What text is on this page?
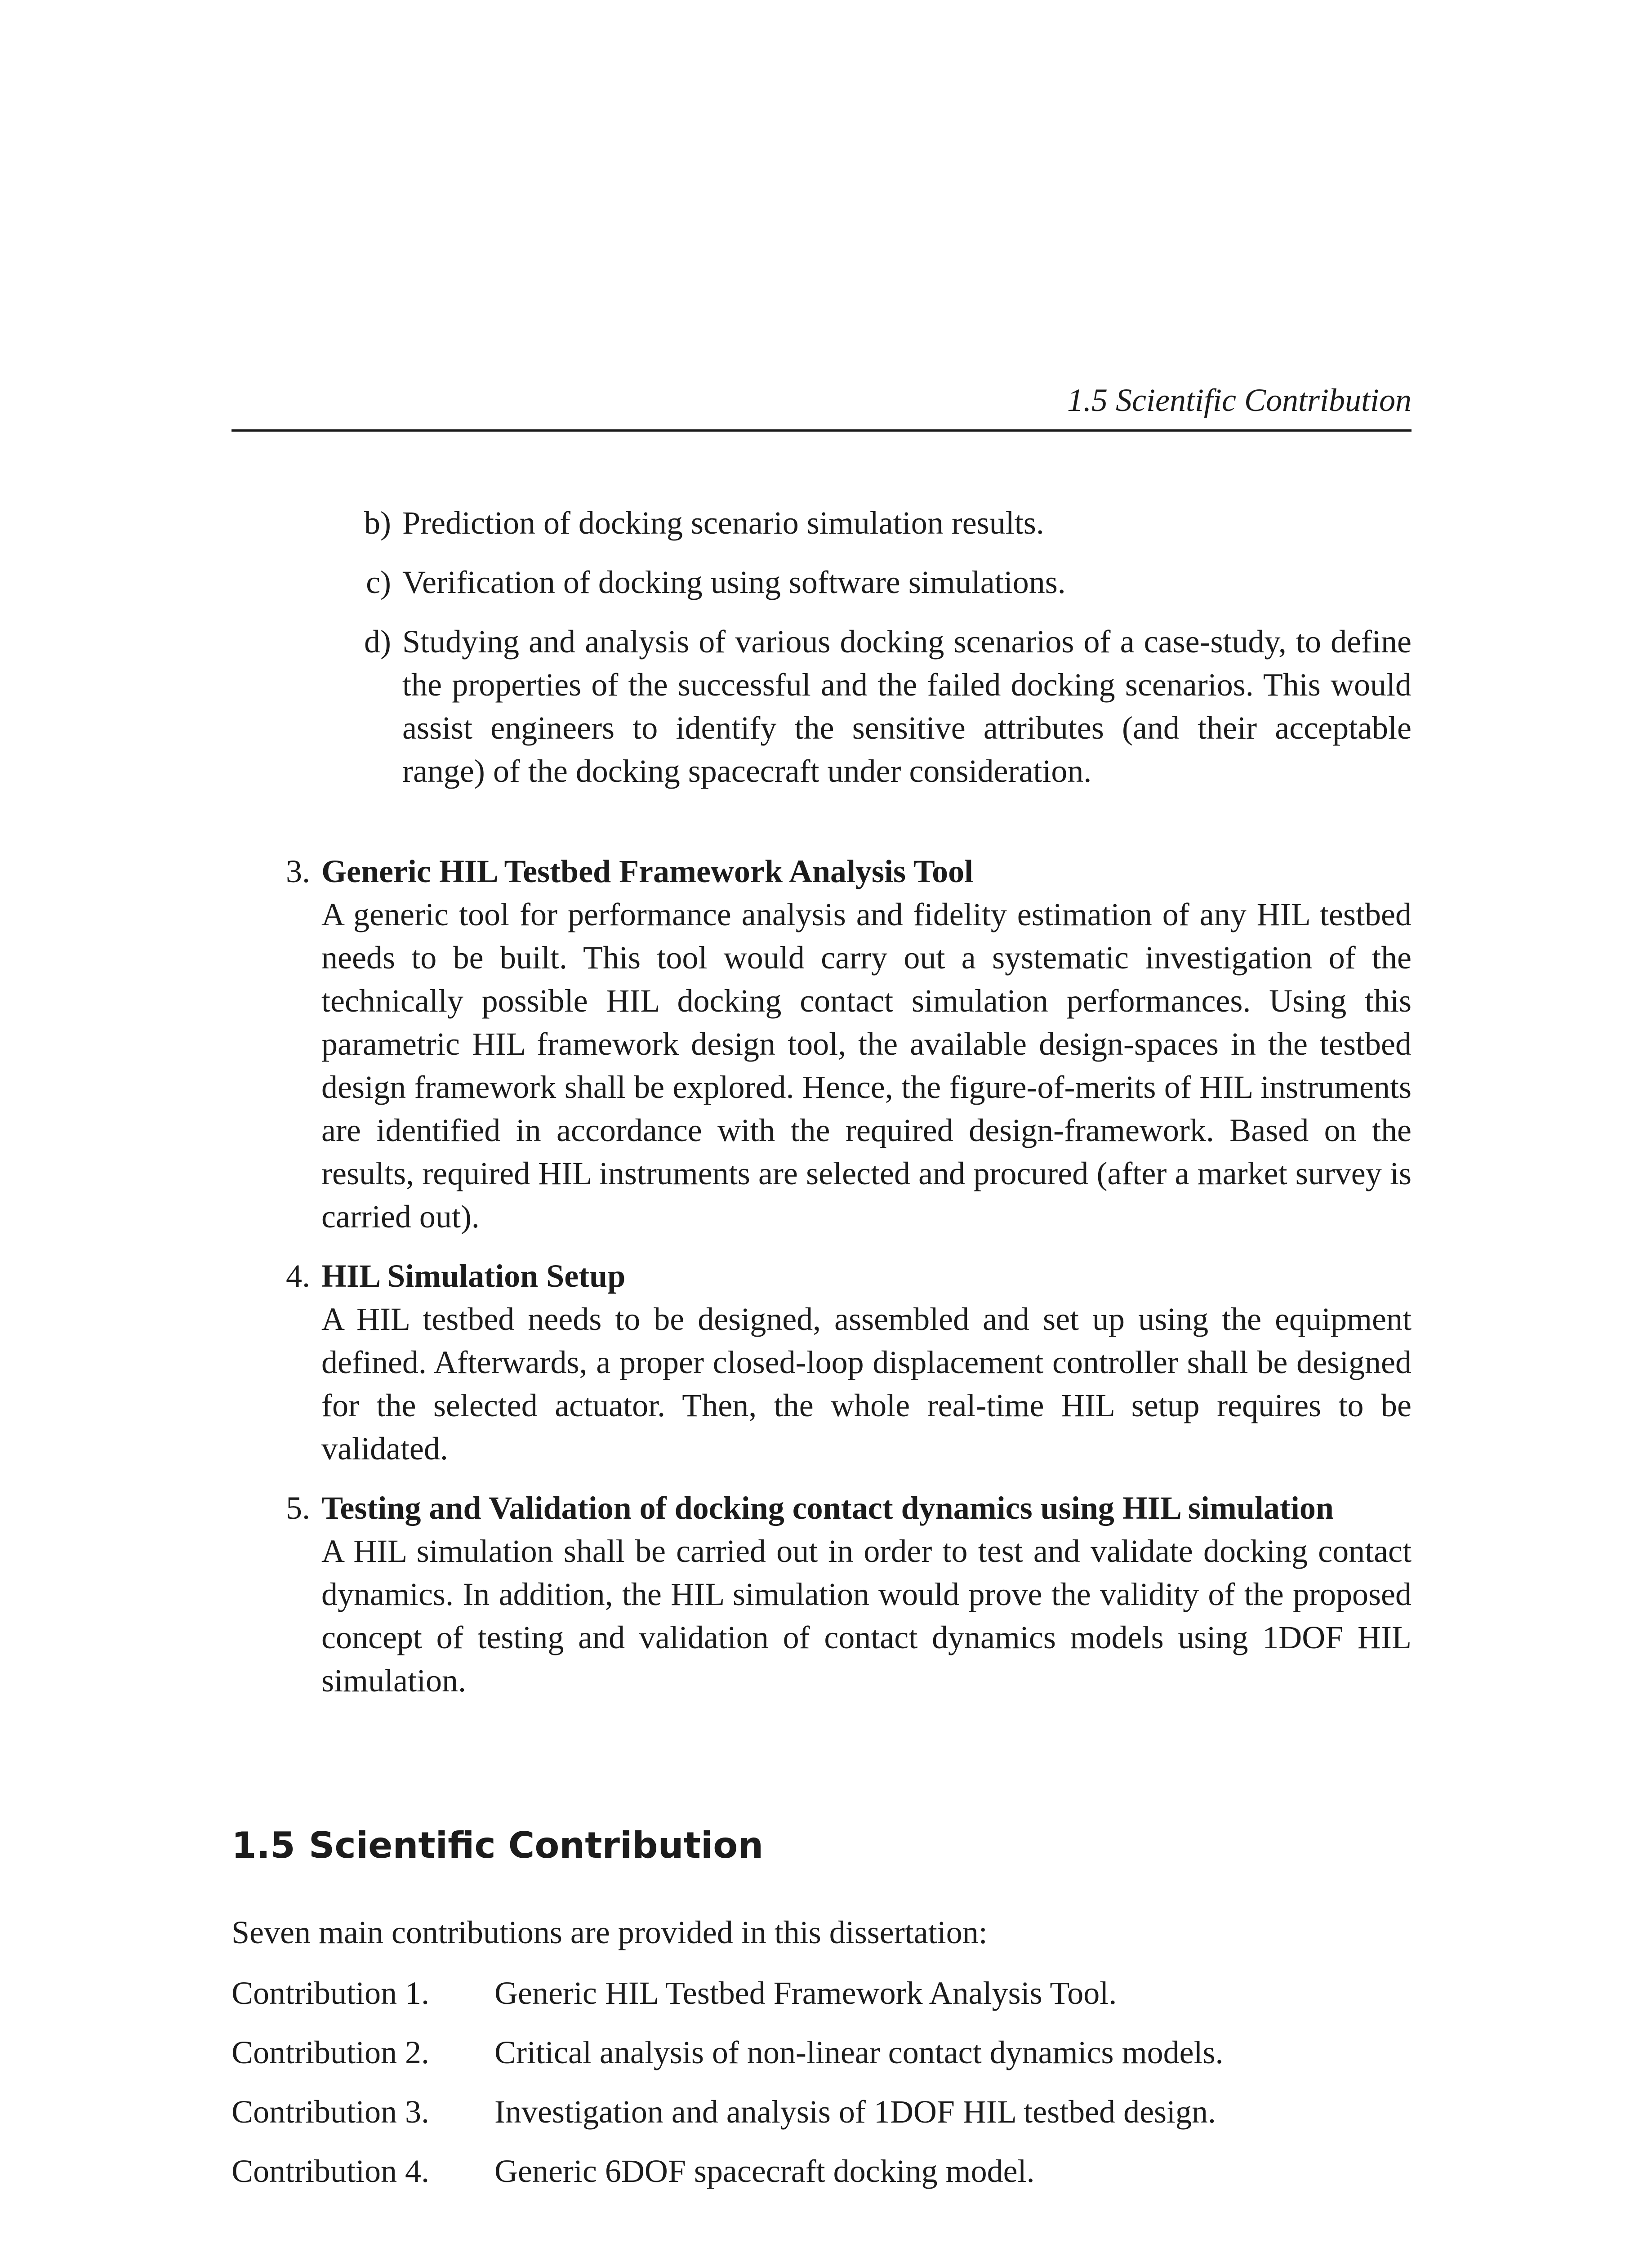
1.5 Scientific Contribution
b) Prediction of docking scenario simulation results.
c) Verification of docking using software simulations.
d) Studying and analysis of various docking scenarios of a case-study, to define the properties of the successful and the failed docking scenarios. This would assist engineers to identify the sensitive attributes (and their acceptable range) of the docking spacecraft under consideration.
3. Generic HIL Testbed Framework Analysis Tool
A generic tool for performance analysis and fidelity estimation of any HIL testbed needs to be built. This tool would carry out a systematic investigation of the technically possible HIL docking contact simulation performances. Using this parametric HIL framework design tool, the available design-spaces in the testbed design framework shall be explored. Hence, the figure-of-merits of HIL instruments are identified in accordance with the required design-framework. Based on the results, required HIL instruments are selected and procured (after a market survey is carried out).
4. HIL Simulation Setup
A HIL testbed needs to be designed, assembled and set up using the equipment defined. Afterwards, a proper closed-loop displacement controller shall be designed for the selected actuator. Then, the whole real-time HIL setup requires to be validated.
5. Testing and Validation of docking contact dynamics using HIL simulation
A HIL simulation shall be carried out in order to test and validate docking contact dynamics. In addition, the HIL simulation would prove the validity of the proposed concept of testing and validation of contact dynamics models using 1DOF HIL simulation.
1.5 Scientific Contribution
Seven main contributions are provided in this dissertation:
Contribution 1. Generic HIL Testbed Framework Analysis Tool.
Contribution 2. Critical analysis of non-linear contact dynamics models.
Contribution 3. Investigation and analysis of 1DOF HIL testbed design.
Contribution 4. Generic 6DOF spacecraft docking model.
